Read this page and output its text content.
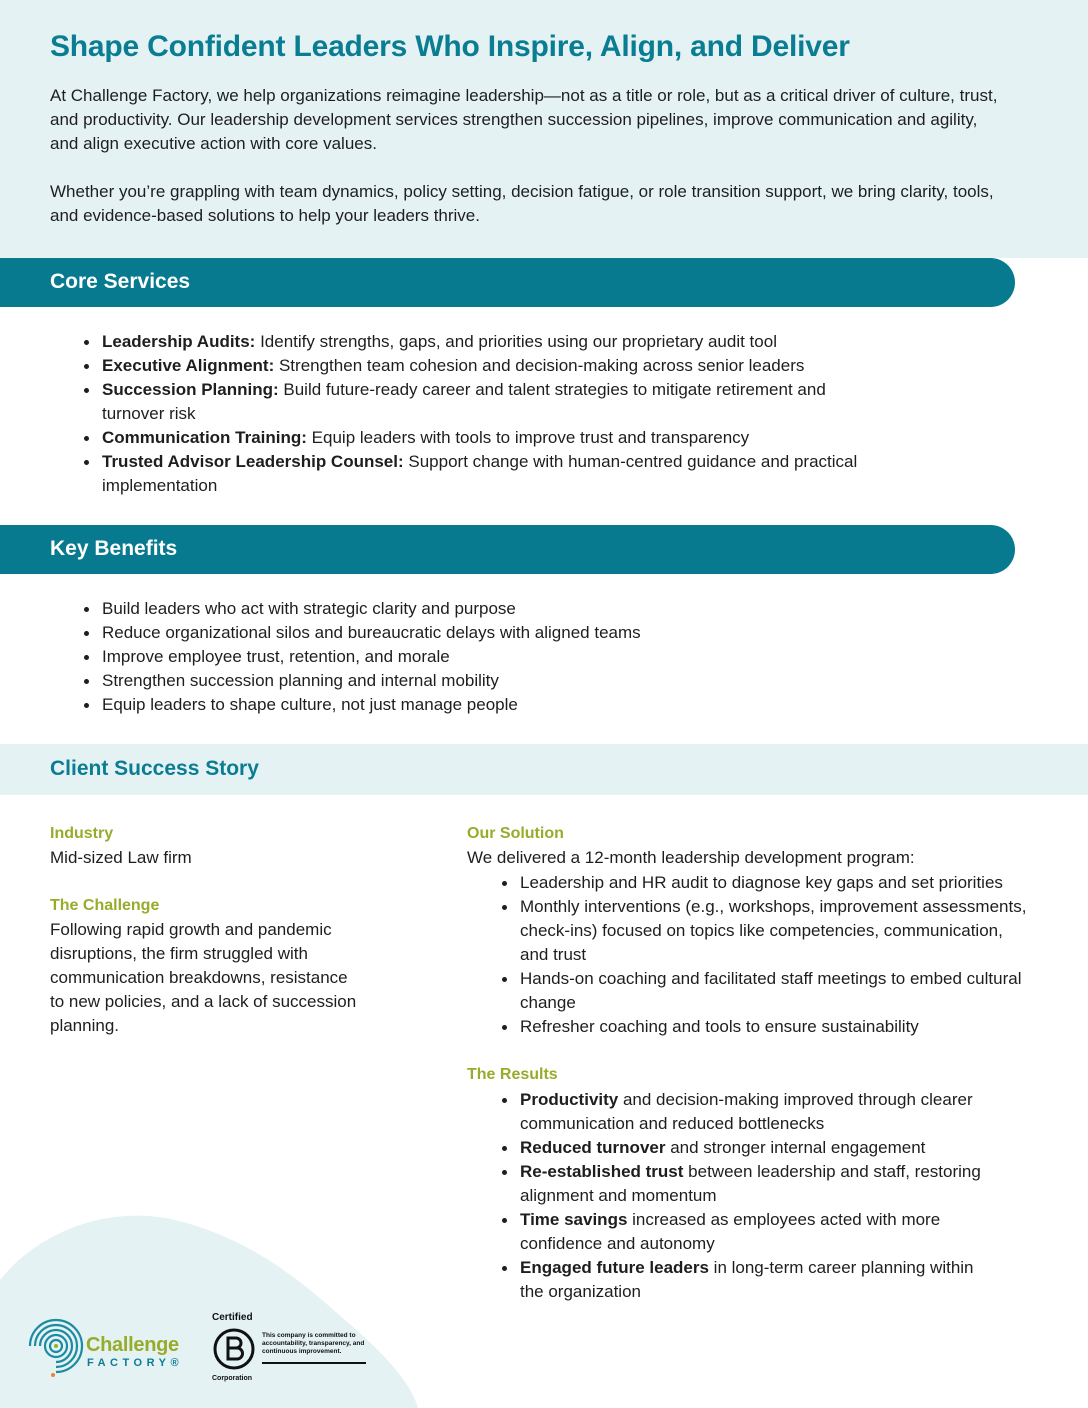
Shape Confident Leaders Who Inspire, Align, and Deliver

At Challenge Factory, we help organizations reimagine leadership—not as a title or role, but as a critical driver of culture, trust, and productivity. Our leadership development services strengthen succession pipelines, improve communication and agility, and align executive action with core values.

Whether you’re grappling with team dynamics, policy setting, decision fatigue, or role transition support, we bring clarity, tools, and evidence-based solutions to help your leaders thrive.

Core Services
Leadership Audits: Identify strengths, gaps, and priorities using our proprietary audit tool
Executive Alignment: Strengthen team cohesion and decision-making across senior leaders
Succession Planning: Build future-ready career and talent strategies to mitigate retirement and turnover risk
Communication Training: Equip leaders with tools to improve trust and transparency
Trusted Advisor Leadership Counsel: Support change with human-centred guidance and practical implementation
Key Benefits
Build leaders who act with strategic clarity and purpose
Reduce organizational silos and bureaucratic delays with aligned teams
Improve employee trust, retention, and morale
Strengthen succession planning and internal mobility
Equip leaders to shape culture, not just manage people
Client Success Story
Industry
Mid-sized Law firm
The Challenge
Following rapid growth and pandemic disruptions, the firm struggled with communication breakdowns, resistance to new policies, and a lack of succession planning.
Our Solution
We delivered a 12-month leadership development program:
Leadership and HR audit to diagnose key gaps and set priorities
Monthly interventions (e.g., workshops, improvement assessments, check-ins) focused on topics like competencies, communication, and trust
Hands-on coaching and facilitated staff meetings to embed cultural change
Refresher coaching and tools to ensure sustainability
The Results
Productivity and decision-making improved through clearer communication and reduced bottlenecks
Reduced turnover and stronger internal engagement
Re-established trust between leadership and staff, restoring alignment and momentum
Time savings increased as employees acted with more confidence and autonomy
Engaged future leaders in long-term career planning within the organization
Challenge
FACTORY®
Certified
Corporation
This company is committed to accountability, transparency, and continuous improvement.
